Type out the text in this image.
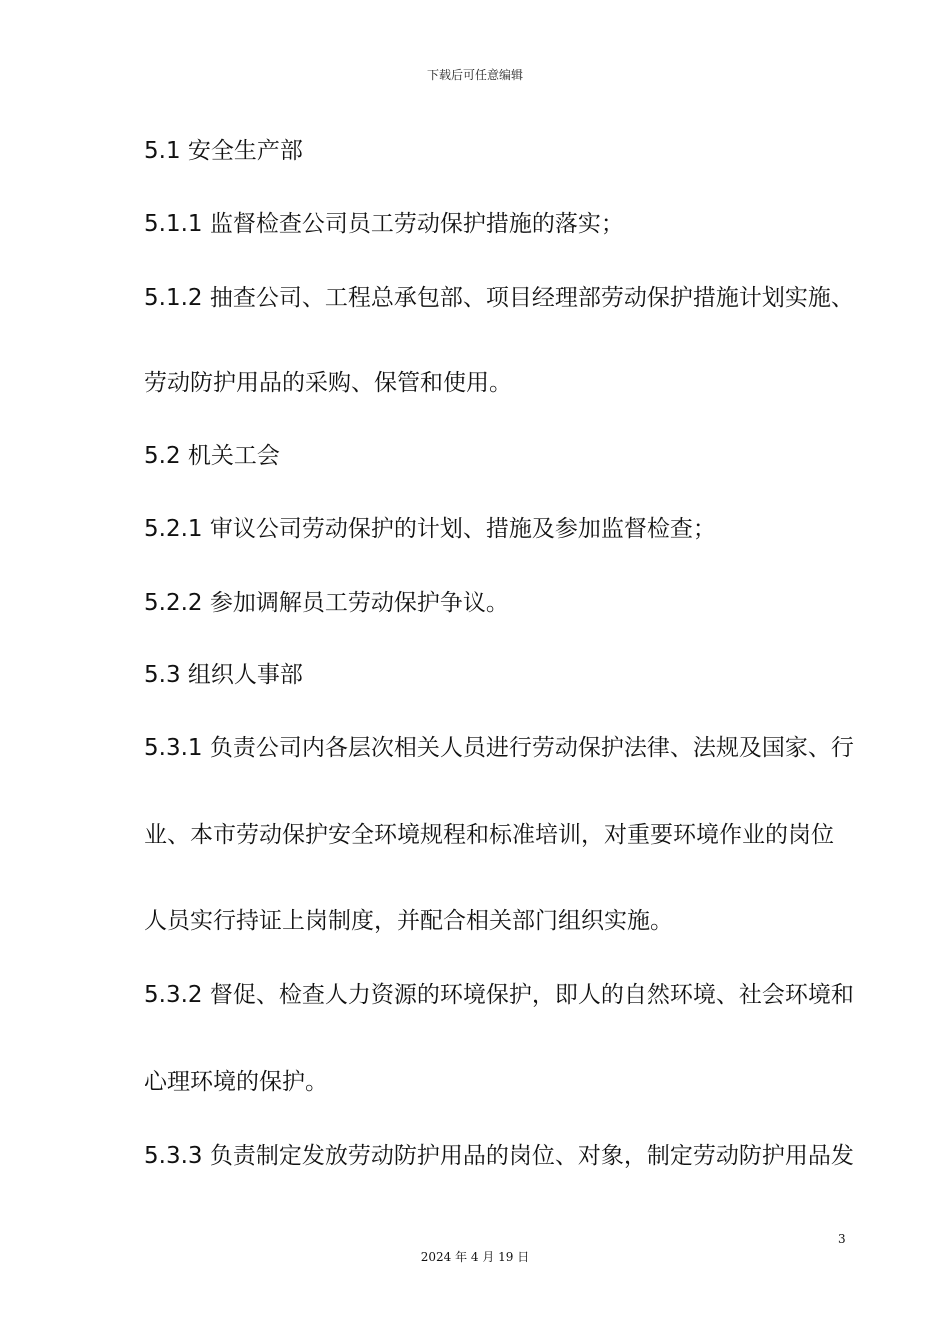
下载后可任意编辑
5.1 安全生产部
5.1.1 监督检查公司员工劳动保护措施的落实；
5.1.2 抽查公司、工程总承包部、项目经理部劳动保护措施计划实施、
劳动防护用品的采购、保管和使用。
5.2 机关工会
5.2.1 审议公司劳动保护的计划、措施及参加监督检查；
5.2.2 参加调解员工劳动保护争议。
5.3 组织人事部
5.3.1 负责公司内各层次相关人员进行劳动保护法律、法规及国家、行
业、本市劳动保护安全环境规程和标准培训，对重要环境作业的岗位
人员实行持证上岗制度，并配合相关部门组织实施。
5.3.2 督促、检查人力资源的环境保护，即人的自然环境、社会环境和
心理环境的保护。
5.3.3 负责制定发放劳动防护用品的岗位、对象，制定劳动防护用品发
3
2024 年 4 月 19 日
